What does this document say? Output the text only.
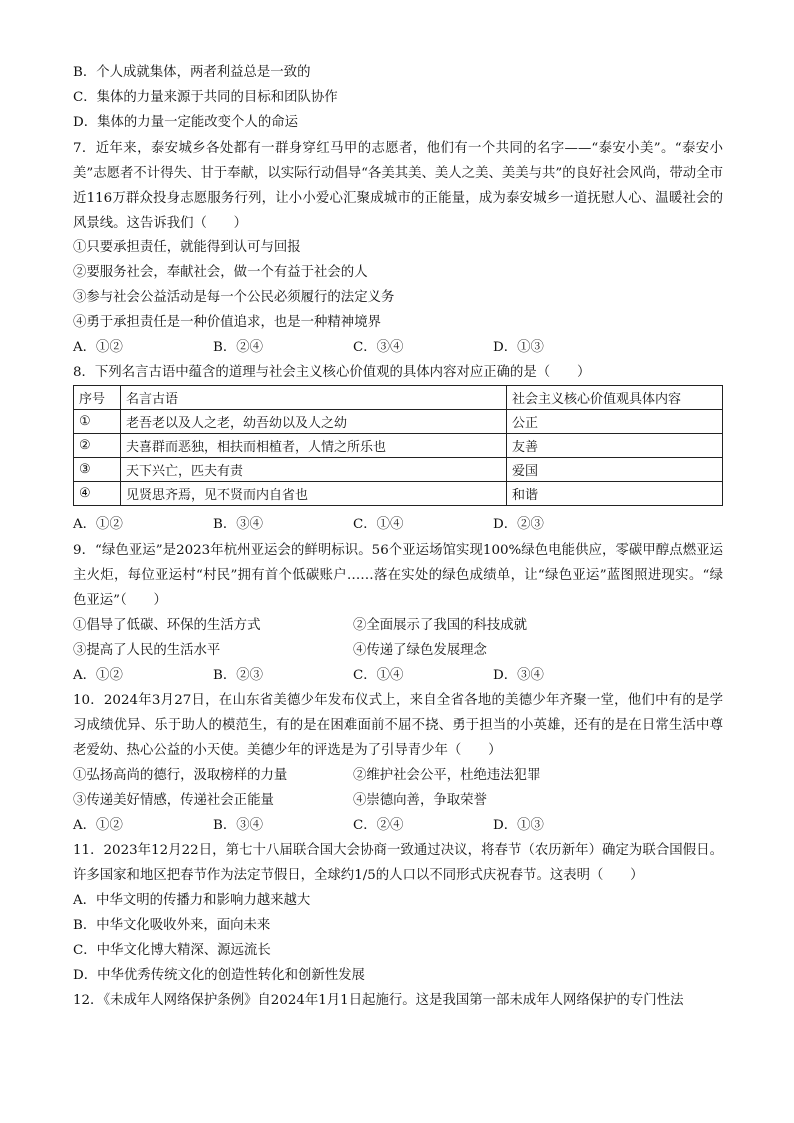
B．个人成就集体，两者利益总是一致的
C．集体的力量来源于共同的目标和团队协作
D．集体的力量一定能改变个人的命运
7．近年来，泰安城乡各处都有一群身穿红马甲的志愿者，他们有一个共同的名字——“泰安小美”。“泰安小美”志愿者不计得失、甘于奉献，以实际行动倡导“各美其美、美人之美、美美与共”的良好社会风尚，带动全市近116万群众投身志愿服务行列，让小小爱心汇聚成城市的正能量，成为泰安城乡一道抚慰人心、温暖社会的风景线。这告诉我们（　　）
①只要承担责任，就能得到认可与回报
②要服务社会，奉献社会，做一个有益于社会的人
③参与社会公益活动是每一个公民必须履行的法定义务
④勇于承担责任是一种价值追求，也是一种精神境界
A．①②	B．②④	C．③④	D．①③
8．下列名言古语中蕴含的道理与社会主义核心价值观的具体内容对应正确的是（　　）
序号	名言古语	社会主义核心价值观具体内容
①	老吾老以及人之老，幼吾幼以及人之幼	公正
②	夫喜群而恶独，相扶而相植者，人情之所乐也	友善
③	天下兴亡，匹夫有责	爱国
④	见贤思齐焉，见不贤而内自省也	和谐
A．①②	B．③④	C．①④	D．②③
9．“绿色亚运”是2023年杭州亚运会的鲜明标识。56个亚运场馆实现100%绿色电能供应，零碳甲醇点燃亚运主火炬，每位亚运村“村民”拥有首个低碳账户……落在实处的绿色成绩单，让“绿色亚运”蓝图照进现实。“绿色亚运”（　　）
①倡导了低碳、环保的生活方式	②全面展示了我国的科技成就
③提高了人民的生活水平	④传递了绿色发展理念
A．①②	B．②③	C．①④	D．③④
10．2024年3月27日，在山东省美德少年发布仪式上，来自全省各地的美德少年齐聚一堂，他们中有的是学习成绩优异、乐于助人的模范生，有的是在困难面前不屈不挠、勇于担当的小英雄，还有的是在日常生活中尊老爱幼、热心公益的小天使。美德少年的评选是为了引导青少年（　　）
①弘扬高尚的德行，汲取榜样的力量	②维护社会公平，杜绝违法犯罪
③传递美好情感，传递社会正能量	④崇德向善，争取荣誉
A．①②	B．③④	C．②④	D．①③
11．2023年12月22日，第七十八届联合国大会协商一致通过决议，将春节（农历新年）确定为联合国假日。许多国家和地区把春节作为法定节假日，全球约1/5的人口以不同形式庆祝春节。这表明（　　）
A．中华文明的传播力和影响力越来越大
B．中华文化吸收外来，面向未来
C．中华文化博大精深、源远流长
D．中华优秀传统文化的创造性转化和创新性发展
12．《未成年人网络保护条例》自2024年1月1日起施行。这是我国第一部未成年人网络保护的专门性法
